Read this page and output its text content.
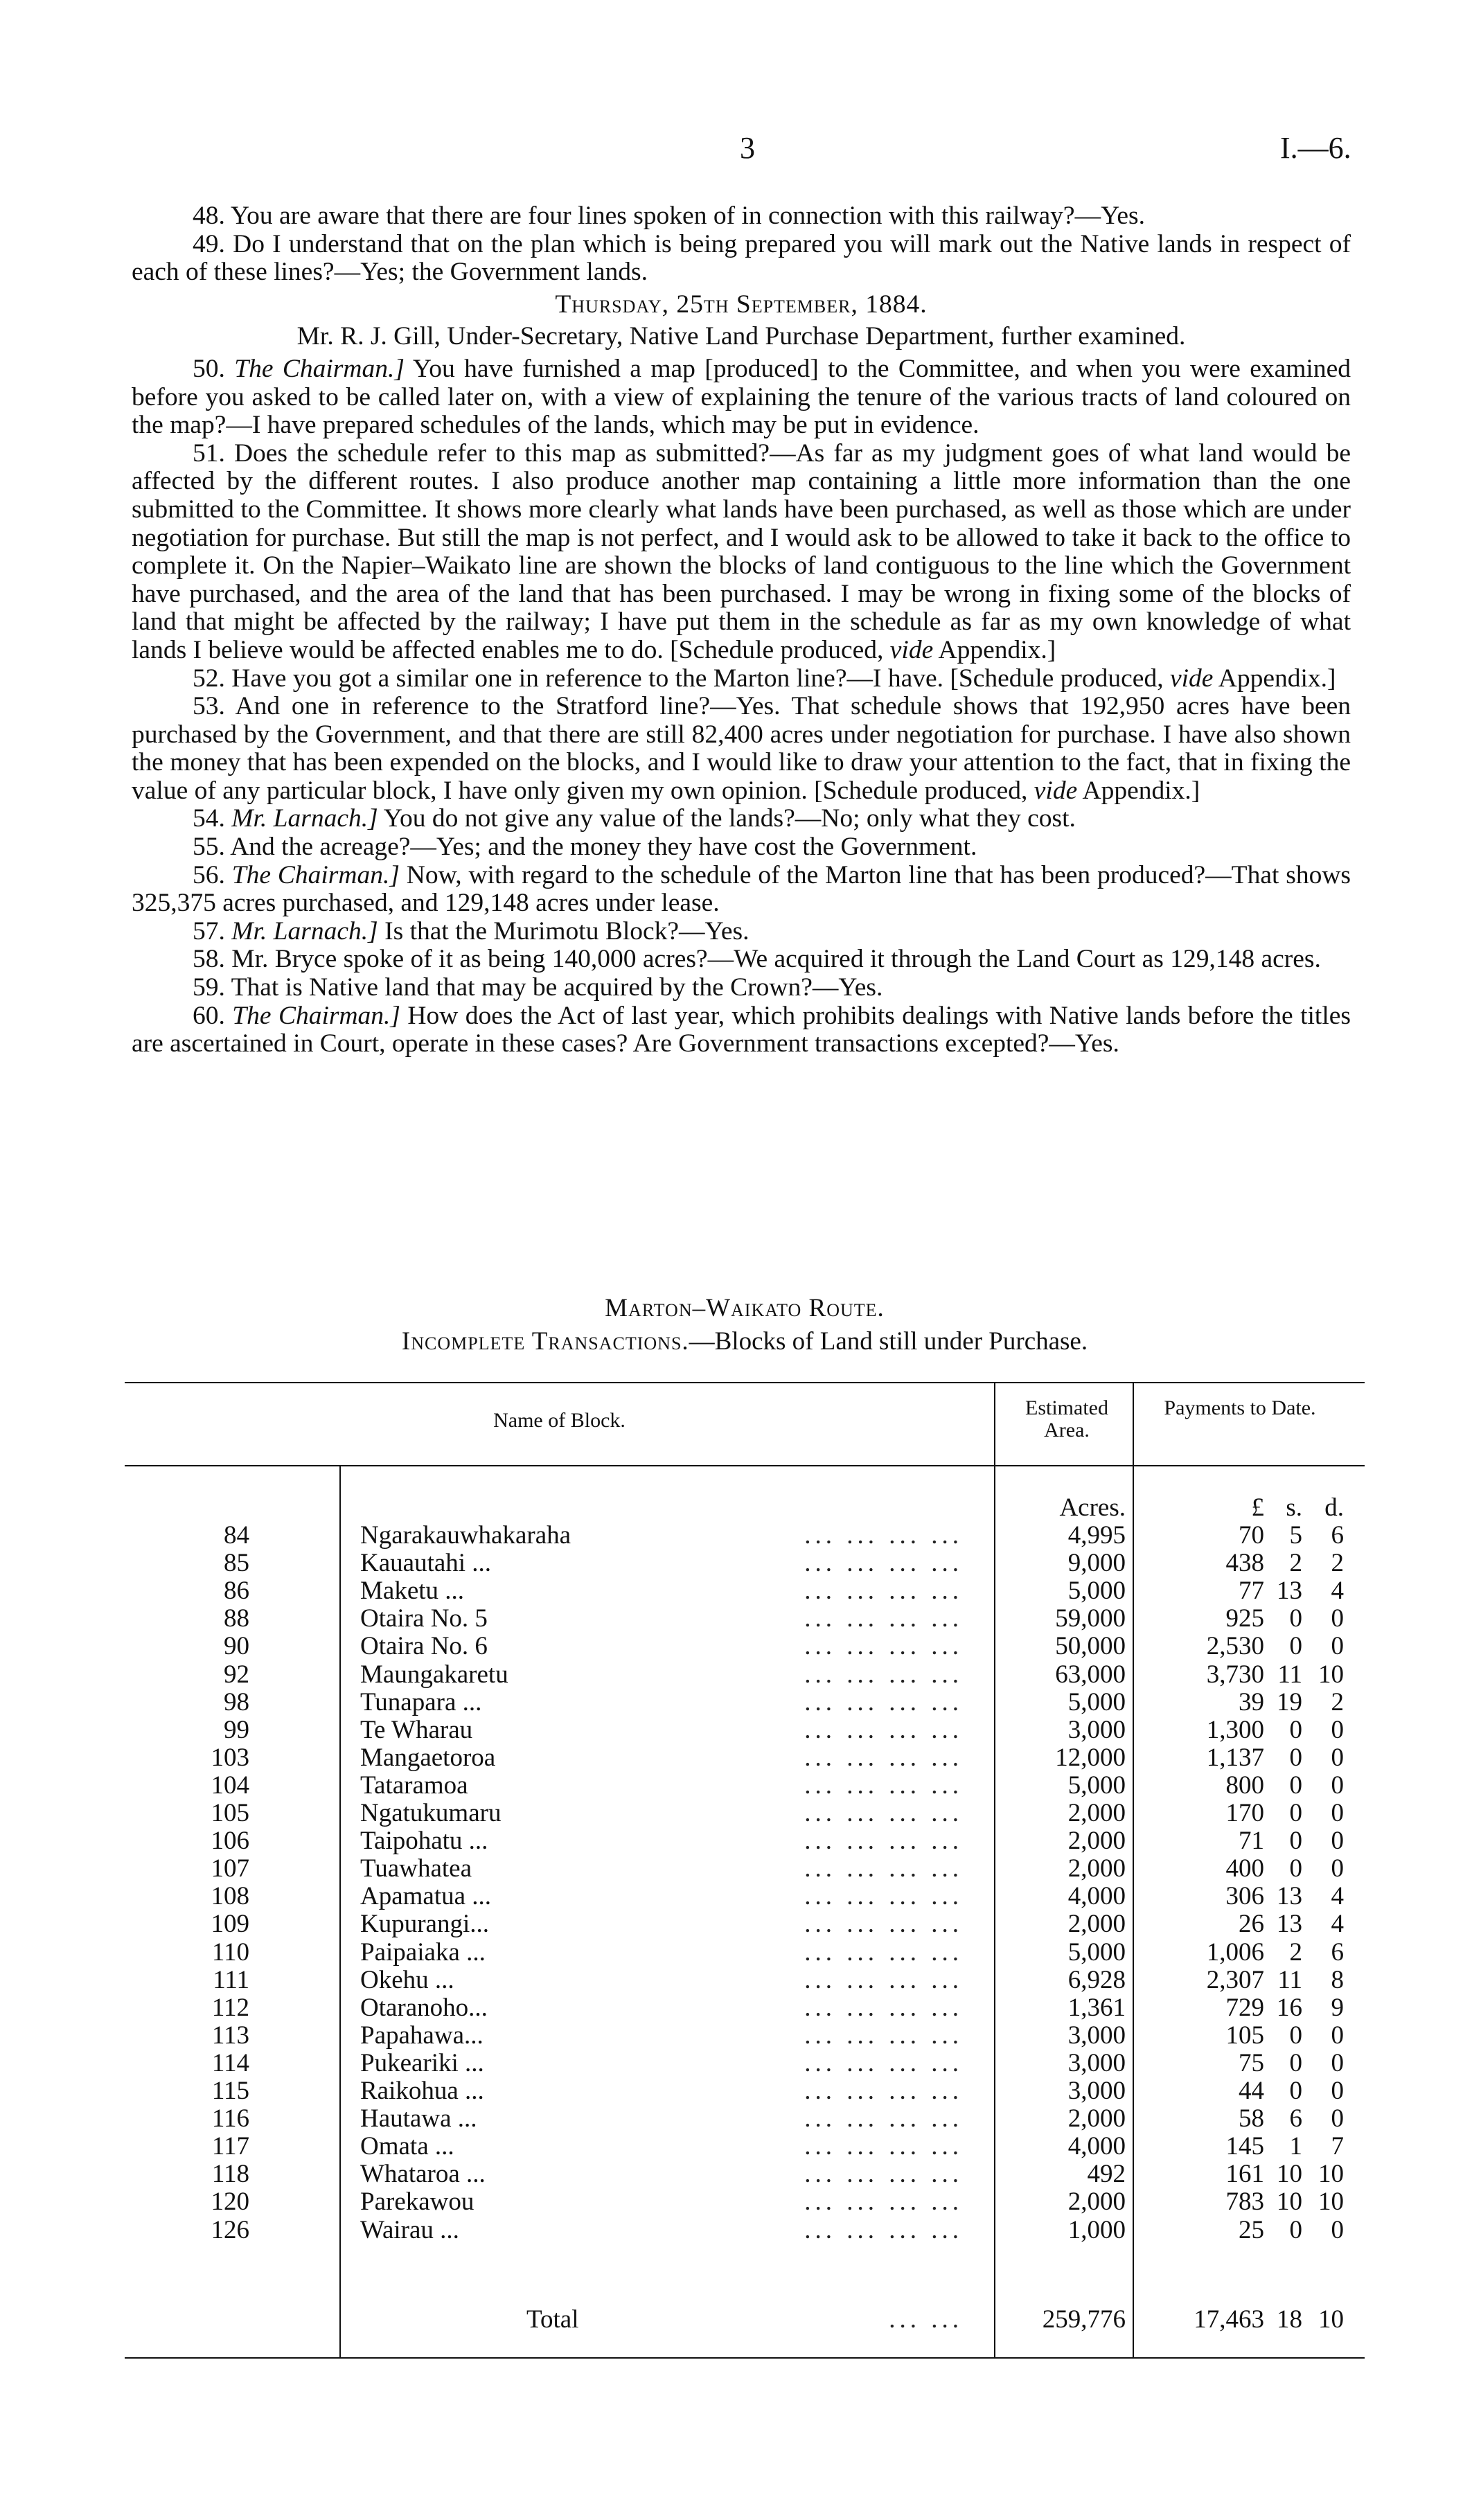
3	I.—6.

48. You are aware that there are four lines spoken of in connection with this railway?—Yes.

49. Do I understand that on the plan which is being prepared you will mark out the Native lands in respect of each of these lines?—Yes; the Government lands.

Thursday, 25th September, 1884.

Mr. R. J. Gill, Under-Secretary, Native Land Purchase Department, further examined.

50. The Chairman.] You have furnished a map [produced] to the Committee, and when you were examined before you asked to be called later on, with a view of explaining the tenure of the various tracts of land coloured on the map?—I have prepared schedules of the lands, which may be put in evidence.

51. Does the schedule refer to this map as submitted?—As far as my judgment goes of what land would be affected by the different routes. I also produce another map containing a little more information than the one submitted to the Committee. It shows more clearly what lands have been purchased, as well as those which are under negotiation for purchase. But still the map is not perfect, and I would ask to be allowed to take it back to the office to complete it. On the Napier–Waikato line are shown the blocks of land contiguous to the line which the Government have purchased, and the area of the land that has been purchased. I may be wrong in fixing some of the blocks of land that might be affected by the railway; I have put them in the schedule as far as my own knowledge of what lands I believe would be affected enables me to do. [Schedule produced, vide Appendix.]

52. Have you got a similar one in reference to the Marton line?—I have. [Schedule produced, vide Appendix.]

53. And one in reference to the Stratford line?—Yes. That schedule shows that 192,950 acres have been purchased by the Government, and that there are still 82,400 acres under negotiation for purchase. I have also shown the money that has been expended on the blocks, and I would like to draw your attention to the fact, that in fixing the value of any particular block, I have only given my own opinion. [Schedule produced, vide Appendix.]

54. Mr. Larnach.] You do not give any value of the lands?—No; only what they cost.

55. And the acreage?—Yes; and the money they have cost the Government.

56. The Chairman.] Now, with regard to the schedule of the Marton line that has been produced?—That shows 325,375 acres purchased, and 129,148 acres under lease.

57. Mr. Larnach.] Is that the Murimotu Block?—Yes.

58. Mr. Bryce spoke of it as being 140,000 acres?—We acquired it through the Land Court as 129,148 acres.

59. That is Native land that may be acquired by the Crown?—Yes.

60. The Chairman.] How does the Act of last year, which prohibits dealings with Native lands before the titles are ascertained in Court, operate in these cases? Are Government transactions excepted?—Yes.

Marton–Waikato Route.
Incomplete Transactions.—Blocks of Land still under Purchase.
Name of Block.
Estimated Area.
Payments to Date.
Acres.	£ s. d.
84	Ngarakauwhakaraha	4,995	70 5	6
... ... ... ...
85	Kauautahi ...	9,000	438 2	2
... ... ... ...
86	Maketu ...	5,000	77 13	4
... ... ... ...
88	Otaira No. 5	59,000	925 0	0
... ... ... ...
90	Otaira No. 6	50,000	2,530 0	0
... ... ... ...
92	Maungakaretu	63,000	3,730 11 10
... ... ... ...
98	Tunapara ...	5,000	39 19	2
... ... ... ...
99	Te Wharau	3,000	1,300 0	0
... ... ... ...
103	Mangaetoroa	12,000	1,137 0	0
... ... ... ...
104	Tataramoa	5,000	800 0	0
... ... ... ...
105	Ngatukumaru	2,000	170 0	0
... ... ... ...
106	Taipohatu ...	2,000	71 0	0
... ... ... ...
107	Tuawhatea	2,000	400 0	0
... ... ... ...
108	Apamatua ...	4,000	306 13	4
... ... ... ...
109	Kupurangi...	2,000	26 13	4
... ... ... ...
110	Paipaiaka ...	5,000	1,006 2	6
... ... ... ...
111	Okehu ...	6,928	2,307 11	8
... ... ... ...
112	Otaranoho...	1,361	729 16	9
... ... ... ...
113	Papahawa...	3,000	105 0	0
... ... ... ...
114	Pukeariki ...	3,000	75 0	0
... ... ... ...
115	Raikohua ...	3,000	44 0	0
... ... ... ...
116	Hautawa ...	2,000	58 6	0
... ... ... ...
117	Omata ...	4,000	145 1	7
... ... ... ...
118	Whataroa ...	492	161 10 10
... ... ... ...
120	Parekawou	2,000	783 10 10
... ... ... ...
126	Wairau ...	1,000	25 0	0
... ... ... ...
Total	... ...	259,776	17,463 18 10
